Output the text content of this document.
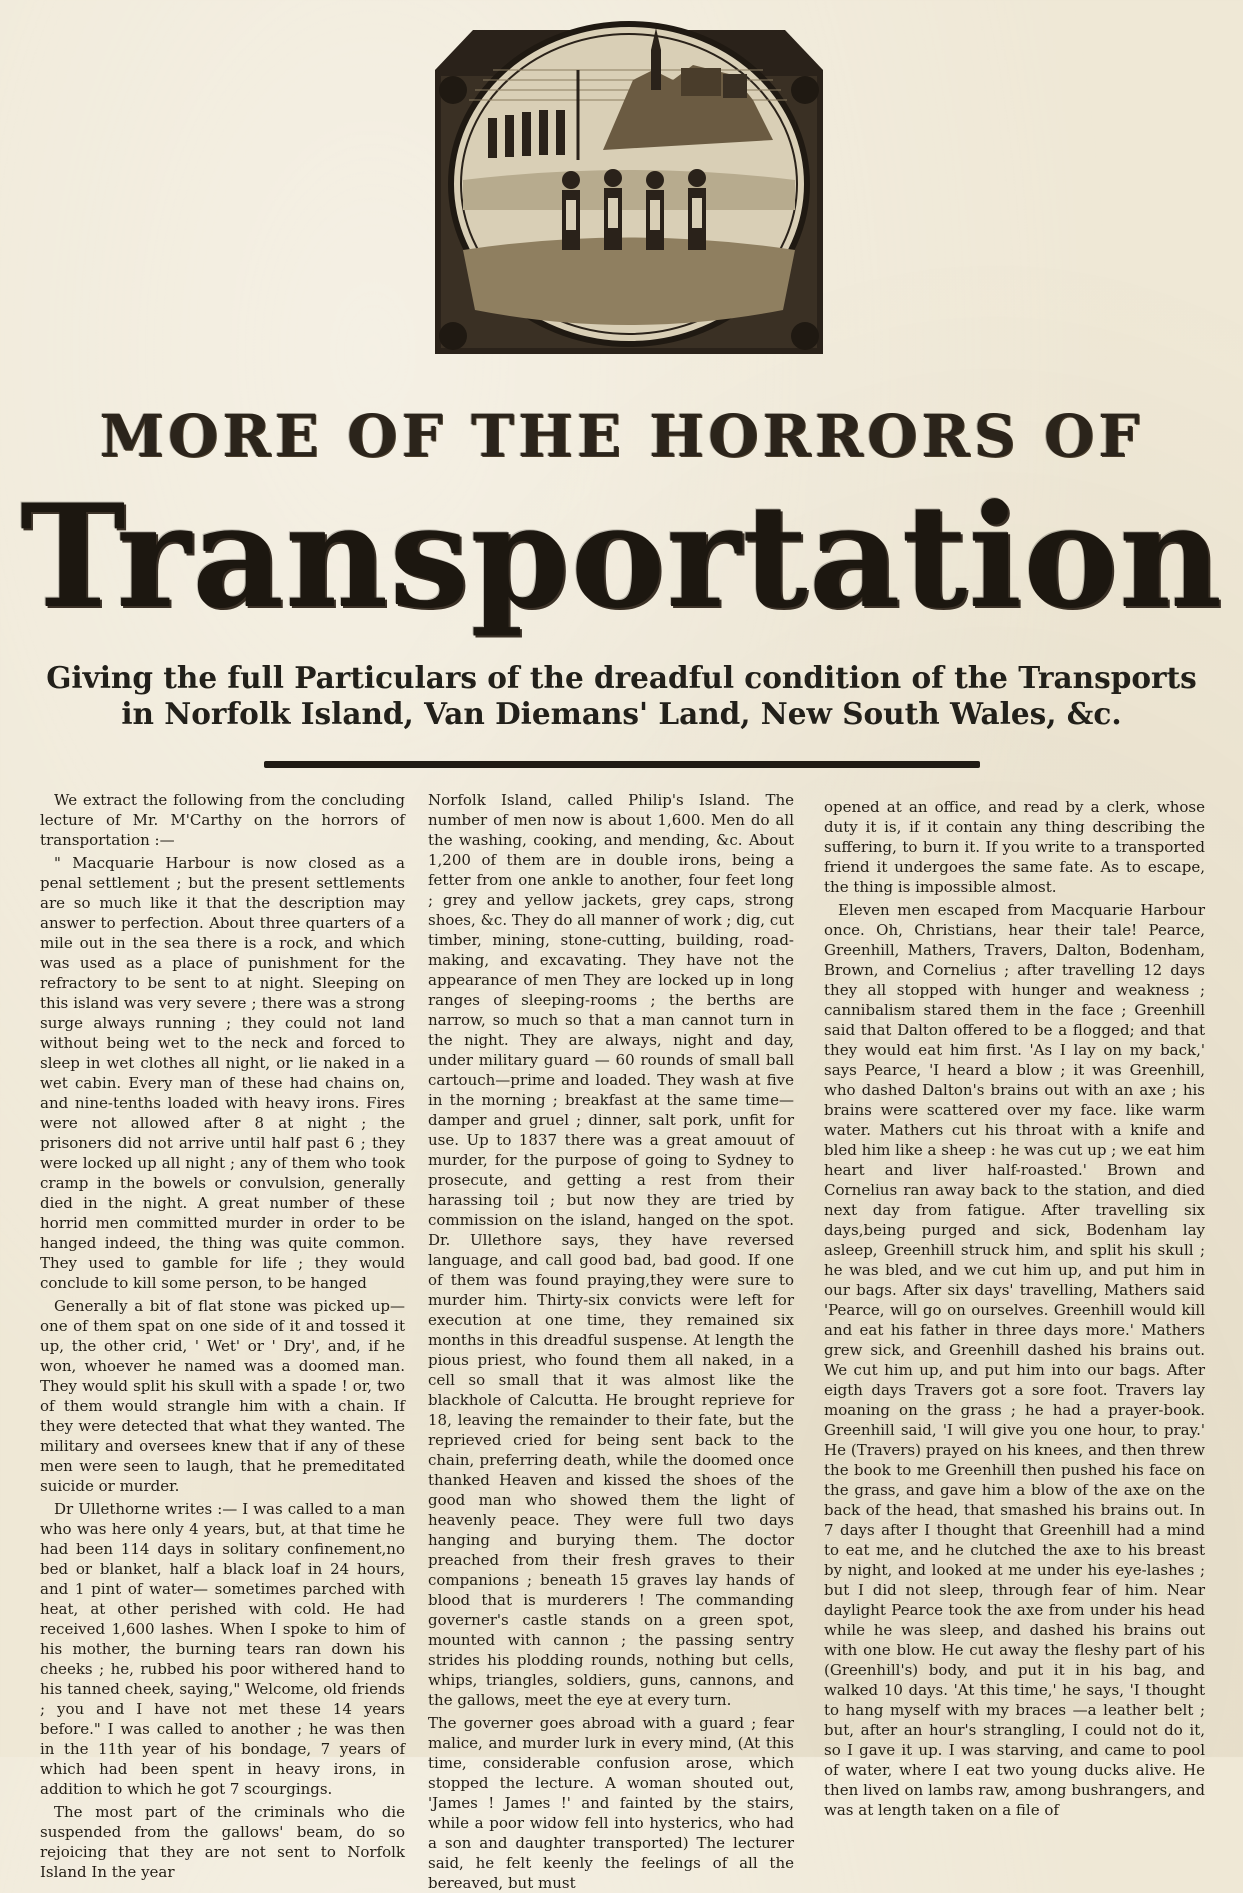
MORE OF THE HORRORS OF
Transportation
Giving the full Particulars of the dreadful condition of the Transports in Norfolk Island, Van Diemans' Land, New South Wales, &c.

We extract the following from the concluding lecture of Mr. M'Carthy on the horrors of transportation :—

" Macquarie Harbour is now closed as a penal settlement ; but the present settlements are so much like it that the description may answer to perfection. About three quarters of a mile out in the sea there is a rock, and which was used as a place of punishment for the refractory to be sent to at night. Sleeping on this island was very severe ; there was a strong surge always running ; they could not land without being wet to the neck and forced to sleep in wet clothes all night, or lie naked in a wet cabin. Every man of these had chains on, and nine-tenths loaded with heavy irons. Fires were not allowed after 8 at night ; the prisoners did not arrive until half past 6 ; they were locked up all night ; any of them who took cramp in the bowels or convulsion, generally died in the night. A great number of these horrid men committed murder in order to be hanged indeed, the thing was quite common. They used to gamble for life ; they would conclude to kill some person, to be hanged

Generally a bit of flat stone was picked up— one of them spat on one side of it and tossed it up, the other crid, ' Wet' or ' Dry', and, if he won, whoever he named was a doomed man. They would split his skull with a spade ! or, two of them would strangle him with a chain. If they were detected that what they wanted. The military and oversees knew that if any of these men were seen to laugh, that he premeditated suicide or murder.

Dr Ullethorne writes :— I was called to a man who was here only 4 years, but, at that time he had been 114 days in solitary confinement,no bed or blanket, half a black loaf in 24 hours, and 1 pint of water— sometimes parched with heat, at other perished with cold. He had received 1,600 lashes. When I spoke to him of his mother, the burning tears ran down his cheeks ; he, rubbed his poor withered hand to his tanned cheek, saying," Welcome, old friends ; you and I have not met these 14 years before." I was called to another ; he was then in the 11th year of his bondage, 7 years of which had been spent in heavy irons, in addition to which he got 7 scourgings.

The most part of the criminals who die suspended from the gallows' beam, do so rejoicing that they are not sent to Norfolk Island In the year

Norfolk Island, called Philip's Island. The number of men now is about 1,600. Men do all the washing, cooking, and mending, &c. About 1,200 of them are in double irons, being a fetter from one ankle to another, four feet long ; grey and yellow jackets, grey caps, strong shoes, &c. They do all manner of work ; dig, cut timber, mining, stone-cutting, building, road-making, and excavating. They have not the appearance of men They are locked up in long ranges of sleeping-rooms ; the berths are narrow, so much so that a man cannot turn in the night. They are always, night and day, under military guard — 60 rounds of small ball cartouch—prime and loaded. They wash at five in the morning ; breakfast at the same time—damper and gruel ; dinner, salt pork, unfit for use. Up to 1837 there was a great amouut of murder, for the purpose of going to Sydney to prosecute, and getting a rest from their harassing toil ; but now they are tried by commission on the island, hanged on the spot. Dr. Ullethore says, they have reversed language, and call good bad, bad good. If one of them was found praying,they were sure to murder him. Thirty-six convicts were left for execution at one time, they remained six months in this dreadful suspense. At length the pious priest, who found them all naked, in a cell so small that it was almost like the blackhole of Calcutta. He brought reprieve for 18, leaving the remainder to their fate, but the reprieved cried for being sent back to the chain, preferring death, while the doomed once thanked Heaven and kissed the shoes of the good man who showed them the light of heavenly peace. They were full two days hanging and burying them. The doctor preached from their fresh graves to their companions ; beneath 15 graves lay hands of blood that is murderers ! The commanding governer's castle stands on a green spot, mounted with cannon ; the passing sentry strides his plodding rounds, nothing but cells, whips, triangles, soldiers, guns, cannons, and the gallows, meet the eye at every turn.

The governer goes abroad with a guard ; fear malice, and murder lurk in every mind, (At this time, considerable confusion arose, which stopped the lecture. A woman shouted out, 'James ! James !' and fainted by the stairs, while a poor widow fell into hysterics, who had a son and daughter transported) The lecturer said, he felt keenly the feelings of all the bereaved, but must

opened at an office, and read by a clerk, whose duty it is, if it contain any thing describing the suffering, to burn it. If you write to a transported friend it undergoes the same fate. As to escape, the thing is impossible almost.

Eleven men escaped from Macquarie Harbour once. Oh, Christians, hear their tale! Pearce, Greenhill, Mathers, Travers, Dalton, Bodenham, Brown, and Cornelius ; after travelling 12 days they all stopped with hunger and weakness ; cannibalism stared them in the face ; Greenhill said that Dalton offered to be a flogged; and that they would eat him first. 'As I lay on my back,' says Pearce, 'I heard a blow ; it was Greenhill, who dashed Dalton's brains out with an axe ; his brains were scattered over my face. like warm water. Mathers cut his throat with a knife and bled him like a sheep : he was cut up ; we eat him heart and liver half-roasted.' Brown and Cornelius ran away back to the station, and died next day from fatigue. After travelling six days,being purged and sick, Bodenham lay asleep, Greenhill struck him, and split his skull ; he was bled, and we cut him up, and put him in our bags. After six days' travelling, Mathers said 'Pearce, will go on ourselves. Greenhill would kill and eat his father in three days more.' Mathers grew sick, and Greenhill dashed his brains out. We cut him up, and put him into our bags. After eigth days Travers got a sore foot. Travers lay moaning on the grass ; he had a prayer-book. Greenhill said, 'I will give you one hour, to pray.' He (Travers) prayed on his knees, and then threw the book to me Greenhill then pushed his face on the grass, and gave him a blow of the axe on the back of the head, that smashed his brains out. In 7 days after I thought that Greenhill had a mind to eat me, and he clutched the axe to his breast by night, and looked at me under his eye-lashes ; but I did not sleep, through fear of him. Near daylight Pearce took the axe from under his head while he was sleep, and dashed his brains out with one blow. He cut away the fleshy part of his (Greenhill's) body, and put it in his bag, and walked 10 days. 'At this time,' he says, 'I thought to hang myself with my braces —a leather belt ; but, after an hour's strangling, I could not do it, so I gave it up. I was starving, and came to pool of water, where I eat two young ducks alive. He then lived on lambs raw, among bushrangers, and was at length taken on a file of
